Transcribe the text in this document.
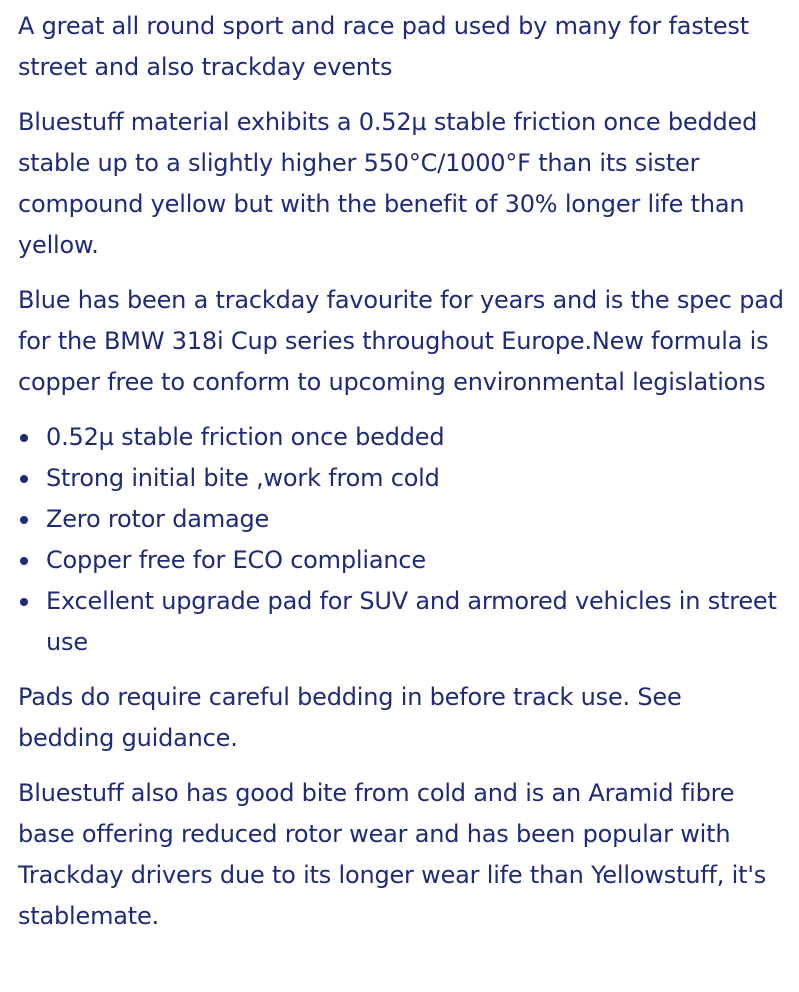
A great all round sport and race pad used by many for fastest street and also trackday events

Bluestuff material exhibits a 0.52µ stable friction once bedded stable up to a slightly higher 550°C/1000°F than its sister compound yellow but with the benefit of 30% longer life than yellow.

Blue has been a trackday favourite for years and is the spec pad for the BMW 318i Cup series throughout Europe.New formula is copper free to conform to upcoming environmental legislations

0.52µ stable friction once bedded
Strong initial bite ,work from cold
Zero rotor damage
Copper free for ECO compliance
Excellent upgrade pad for SUV and armored vehicles in street use

Pads do require careful bedding in before track use. See bedding guidance.

Bluestuff also has good bite from cold and is an Aramid fibre base offering reduced rotor wear and has been popular with Trackday drivers due to its longer wear life than Yellowstuff, it's stablemate.
